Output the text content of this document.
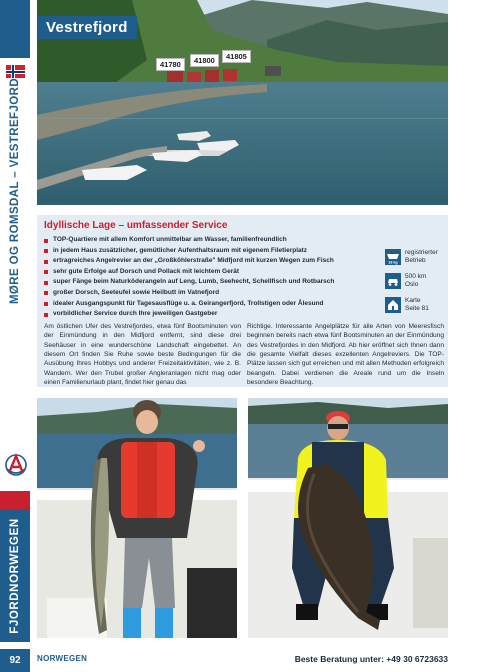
MØRE OG ROMSDAL – VESTREFJORD
FJORDNORWEGEN
92
Vestrefjord
41780	41800	41805
Idyllische Lage – umfassender Service
TOP-Quartiere mit allem Komfort unmittelbar am Wasser, familienfreundlich
in jedem Haus zusätzlicher, gemütlicher Aufenthaltsraum mit eigenem Filetierplatz
ertragreiches Angelrevier an der „Großköhlerstraße" Midfjord mit kurzen Wegen zum Fisch
sehr gute Erfolge auf Dorsch und Pollack mit leichtem Gerät
super Fänge beim Naturköderangeln auf Leng, Lumb, Seehecht, Schellfisch und Rotbarsch
großer Dorsch, Seeteufel sowie Heilbutt im Vatnefjord
idealer Ausgangspunkt für Tagesausflüge u. a. Geirangerfjord, Trollstigen oder Ålesund
vorbildlicher Service durch Ihre jeweiligen Gastgeber
18 kg
registrierter Betrieb
500 km
Oslo
Karte
Seite 81
Am östlichen Ufer des Vestrefjordes, etwa fünf Bootsminuten von der Einmündung in den Midfjord entfernt, sind diese drei Seehäuser in eine wunderschöne Landschaft eingebettet. An diesem Ort finden Sie Ruhe sowie beste Bedingungen für die Ausübung Ihres Hobbys und anderer Freizeitaktivitäten, wie z. B. Wandern. Wer den Trubel großer Angleranlagen nicht mag oder einen Familienurlaub plant, findet hier genau das
Richtige. Interessante Angelplätze für alle Arten von Meeresfisch beginnen bereits nach etwa fünf Bootsminuten an der Einmündung des Vestrefjordes in den Midfjord. Ab hier eröffnet sich Ihnen dann die gesamte Vielfalt dieses exzellenten Angelreviers. Die TOP-Plätze lassen sich gut erreichen und mit allen Methoden erfolgreich beangeln. Dabei verdienen die Areale rund um die Inseln besondere Beachtung.
NORWEGEN	Beste Beratung unter: +49 30 6723633
